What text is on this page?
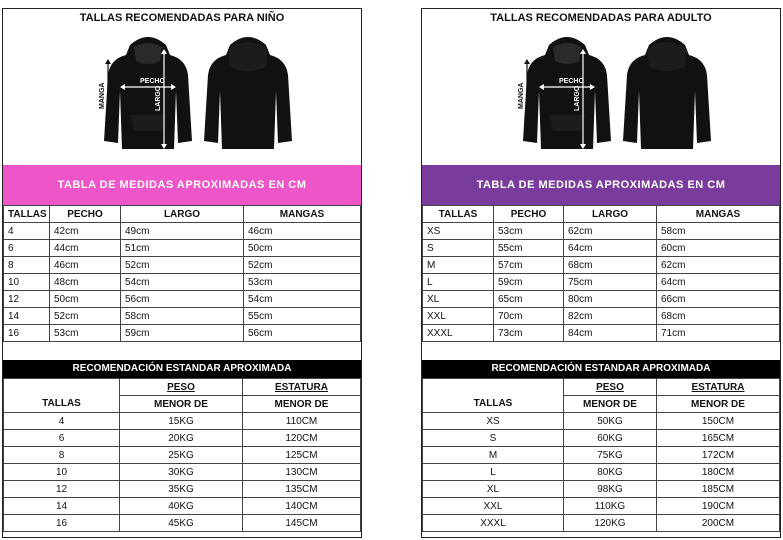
TALLAS RECOMENDADAS PARA NIÑO
PECHO
LARGO
MANGA
TABLA DE MEDIDAS APROXIMADAS EN CM
TALLAS	PECHO	LARGO	MANGAS
4	42cm	49cm	46cm
6	44cm	51cm	50cm
8	46cm	52cm	52cm
10	48cm	54cm	53cm
12	50cm	56cm	54cm
14	52cm	58cm	55cm
16	53cm	59cm	56cm
RECOMENDACIÓN ESTANDAR APROXIMADA
	PESO	ESTATURA
TALLAS	MENOR DE	MENOR DE
4	15KG	110CM
6	20KG	120CM
8	25KG	125CM
10	30KG	130CM
12	35KG	135CM
14	40KG	140CM
16	45KG	145CM
TALLAS RECOMENDADAS PARA ADULTO
PECHO
LARGO
MANGA
TABLA DE MEDIDAS APROXIMADAS EN CM
TALLAS	PECHO	LARGO	MANGAS
XS	53cm	62cm	58cm
S	55cm	64cm	60cm
M	57cm	68cm	62cm
L	59cm	75cm	64cm
XL	65cm	80cm	66cm
XXL	70cm	82cm	68cm
XXXL	73cm	84cm	71cm
RECOMENDACIÓN ESTANDAR APROXIMADA
	PESO	ESTATURA
TALLAS	MENOR DE	MENOR DE
XS	50KG	150CM
S	60KG	165CM
M	75KG	172CM
L	80KG	180CM
XL	98KG	185CM
XXL	110KG	190CM
XXXL	120KG	200CM
